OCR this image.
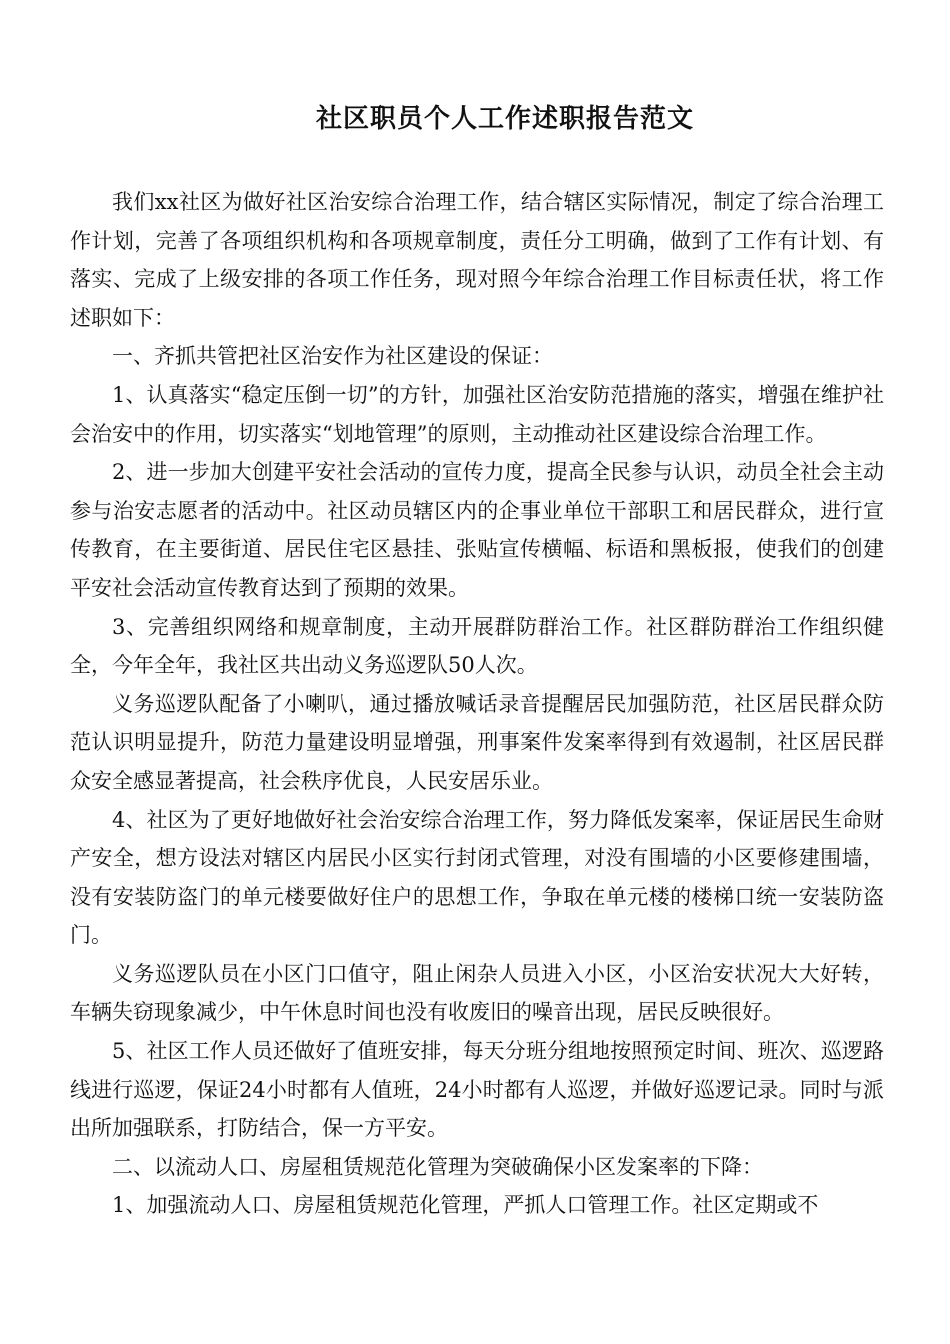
社区职员个人工作述职报告范文

我们xx社区为做好社区治安综合治理工作，结合辖区实际情况，制定了综合治理工作计划，完善了各项组织机构和各项规章制度，责任分工明确，做到了工作有计划、有落实、完成了上级安排的各项工作任务，现对照今年综合治理工作目标责任状，将工作述职如下：

一、齐抓共管把社区治安作为社区建设的保证：

1、认真落实“稳定压倒一切”的方针，加强社区治安防范措施的落实，增强在维护社会治安中的作用，切实落实“划地管理”的原则，主动推动社区建设综合治理工作。

2、进一步加大创建平安社会活动的宣传力度，提高全民参与认识，动员全社会主动参与治安志愿者的活动中。社区动员辖区内的企事业单位干部职工和居民群众，进行宣传教育，在主要街道、居民住宅区悬挂、张贴宣传横幅、标语和黑板报，使我们的创建平安社会活动宣传教育达到了预期的效果。

3、完善组织网络和规章制度，主动开展群防群治工作。社区群防群治工作组织健全，今年全年，我社区共出动义务巡逻队50人次。

义务巡逻队配备了小喇叭，通过播放喊话录音提醒居民加强防范，社区居民群众防范认识明显提升，防范力量建设明显增强，刑事案件发案率得到有效遏制，社区居民群众安全感显著提高，社会秩序优良，人民安居乐业。

4、社区为了更好地做好社会治安综合治理工作，努力降低发案率，保证居民生命财产安全，想方设法对辖区内居民小区实行封闭式管理，对没有围墙的小区要修建围墙，没有安装防盗门的单元楼要做好住户的思想工作，争取在单元楼的楼梯口统一安装防盗门。

义务巡逻队员在小区门口值守，阻止闲杂人员进入小区，小区治安状况大大好转，车辆失窃现象减少，中午休息时间也没有收废旧的噪音出现，居民反映很好。

5、社区工作人员还做好了值班安排，每天分班分组地按照预定时间、班次、巡逻路线进行巡逻，保证24小时都有人值班，24小时都有人巡逻，并做好巡逻记录。同时与派出所加强联系，打防结合，保一方平安。

二、以流动人口、房屋租赁规范化管理为突破确保小区发案率的下降：

1、加强流动人口、房屋租赁规范化管理，严抓人口管理工作。社区定期或不
